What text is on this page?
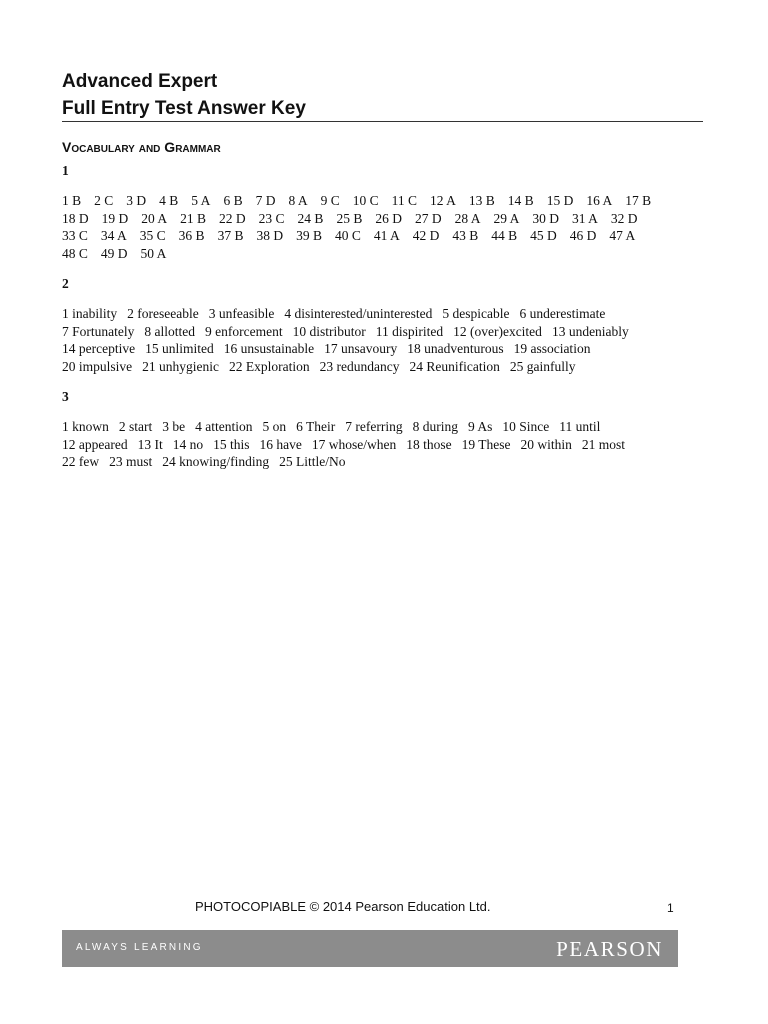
Advanced Expert
Full Entry Test Answer Key
Vocabulary and Grammar
1
1 B 2 C 3 D 4 B 5 A 6 B 7 D 8 A 9 C 10 C 11 C 12 A 13 B 14 B 15 D 16 A 17 B
18 D 19 D 20 A 21 B 22 D 23 C 24 B 25 B 26 D 27 D 28 A 29 A 30 D 31 A 32 D
33 C 34 A 35 C 36 B 37 B 38 D 39 B 40 C 41 A 42 D 43 B 44 B 45 D 46 D 47 A
48 C 49 D 50 A
2
1 inability 2 foreseeable 3 unfeasible 4 disinterested/uninterested 5 despicable 6 underestimate
7 Fortunately 8 allotted 9 enforcement 10 distributor 11 dispirited 12 (over)excited 13 undeniably
14 perceptive 15 unlimited 16 unsustainable 17 unsavoury 18 unadventurous 19 association
20 impulsive 21 unhygienic 22 Exploration 23 redundancy 24 Reunification 25 gainfully
3
1 known 2 start 3 be 4 attention 5 on 6 Their 7 referring 8 during 9 As 10 Since 11 until
12 appeared 13 It 14 no 15 this 16 have 17 whose/when 18 those 19 These 20 within 21 most
22 few 23 must 24 knowing/finding 25 Little/No
PHOTOCOPIABLE © 2014 Pearson Education Ltd.	1
ALWAYS LEARNING	PEARSON
